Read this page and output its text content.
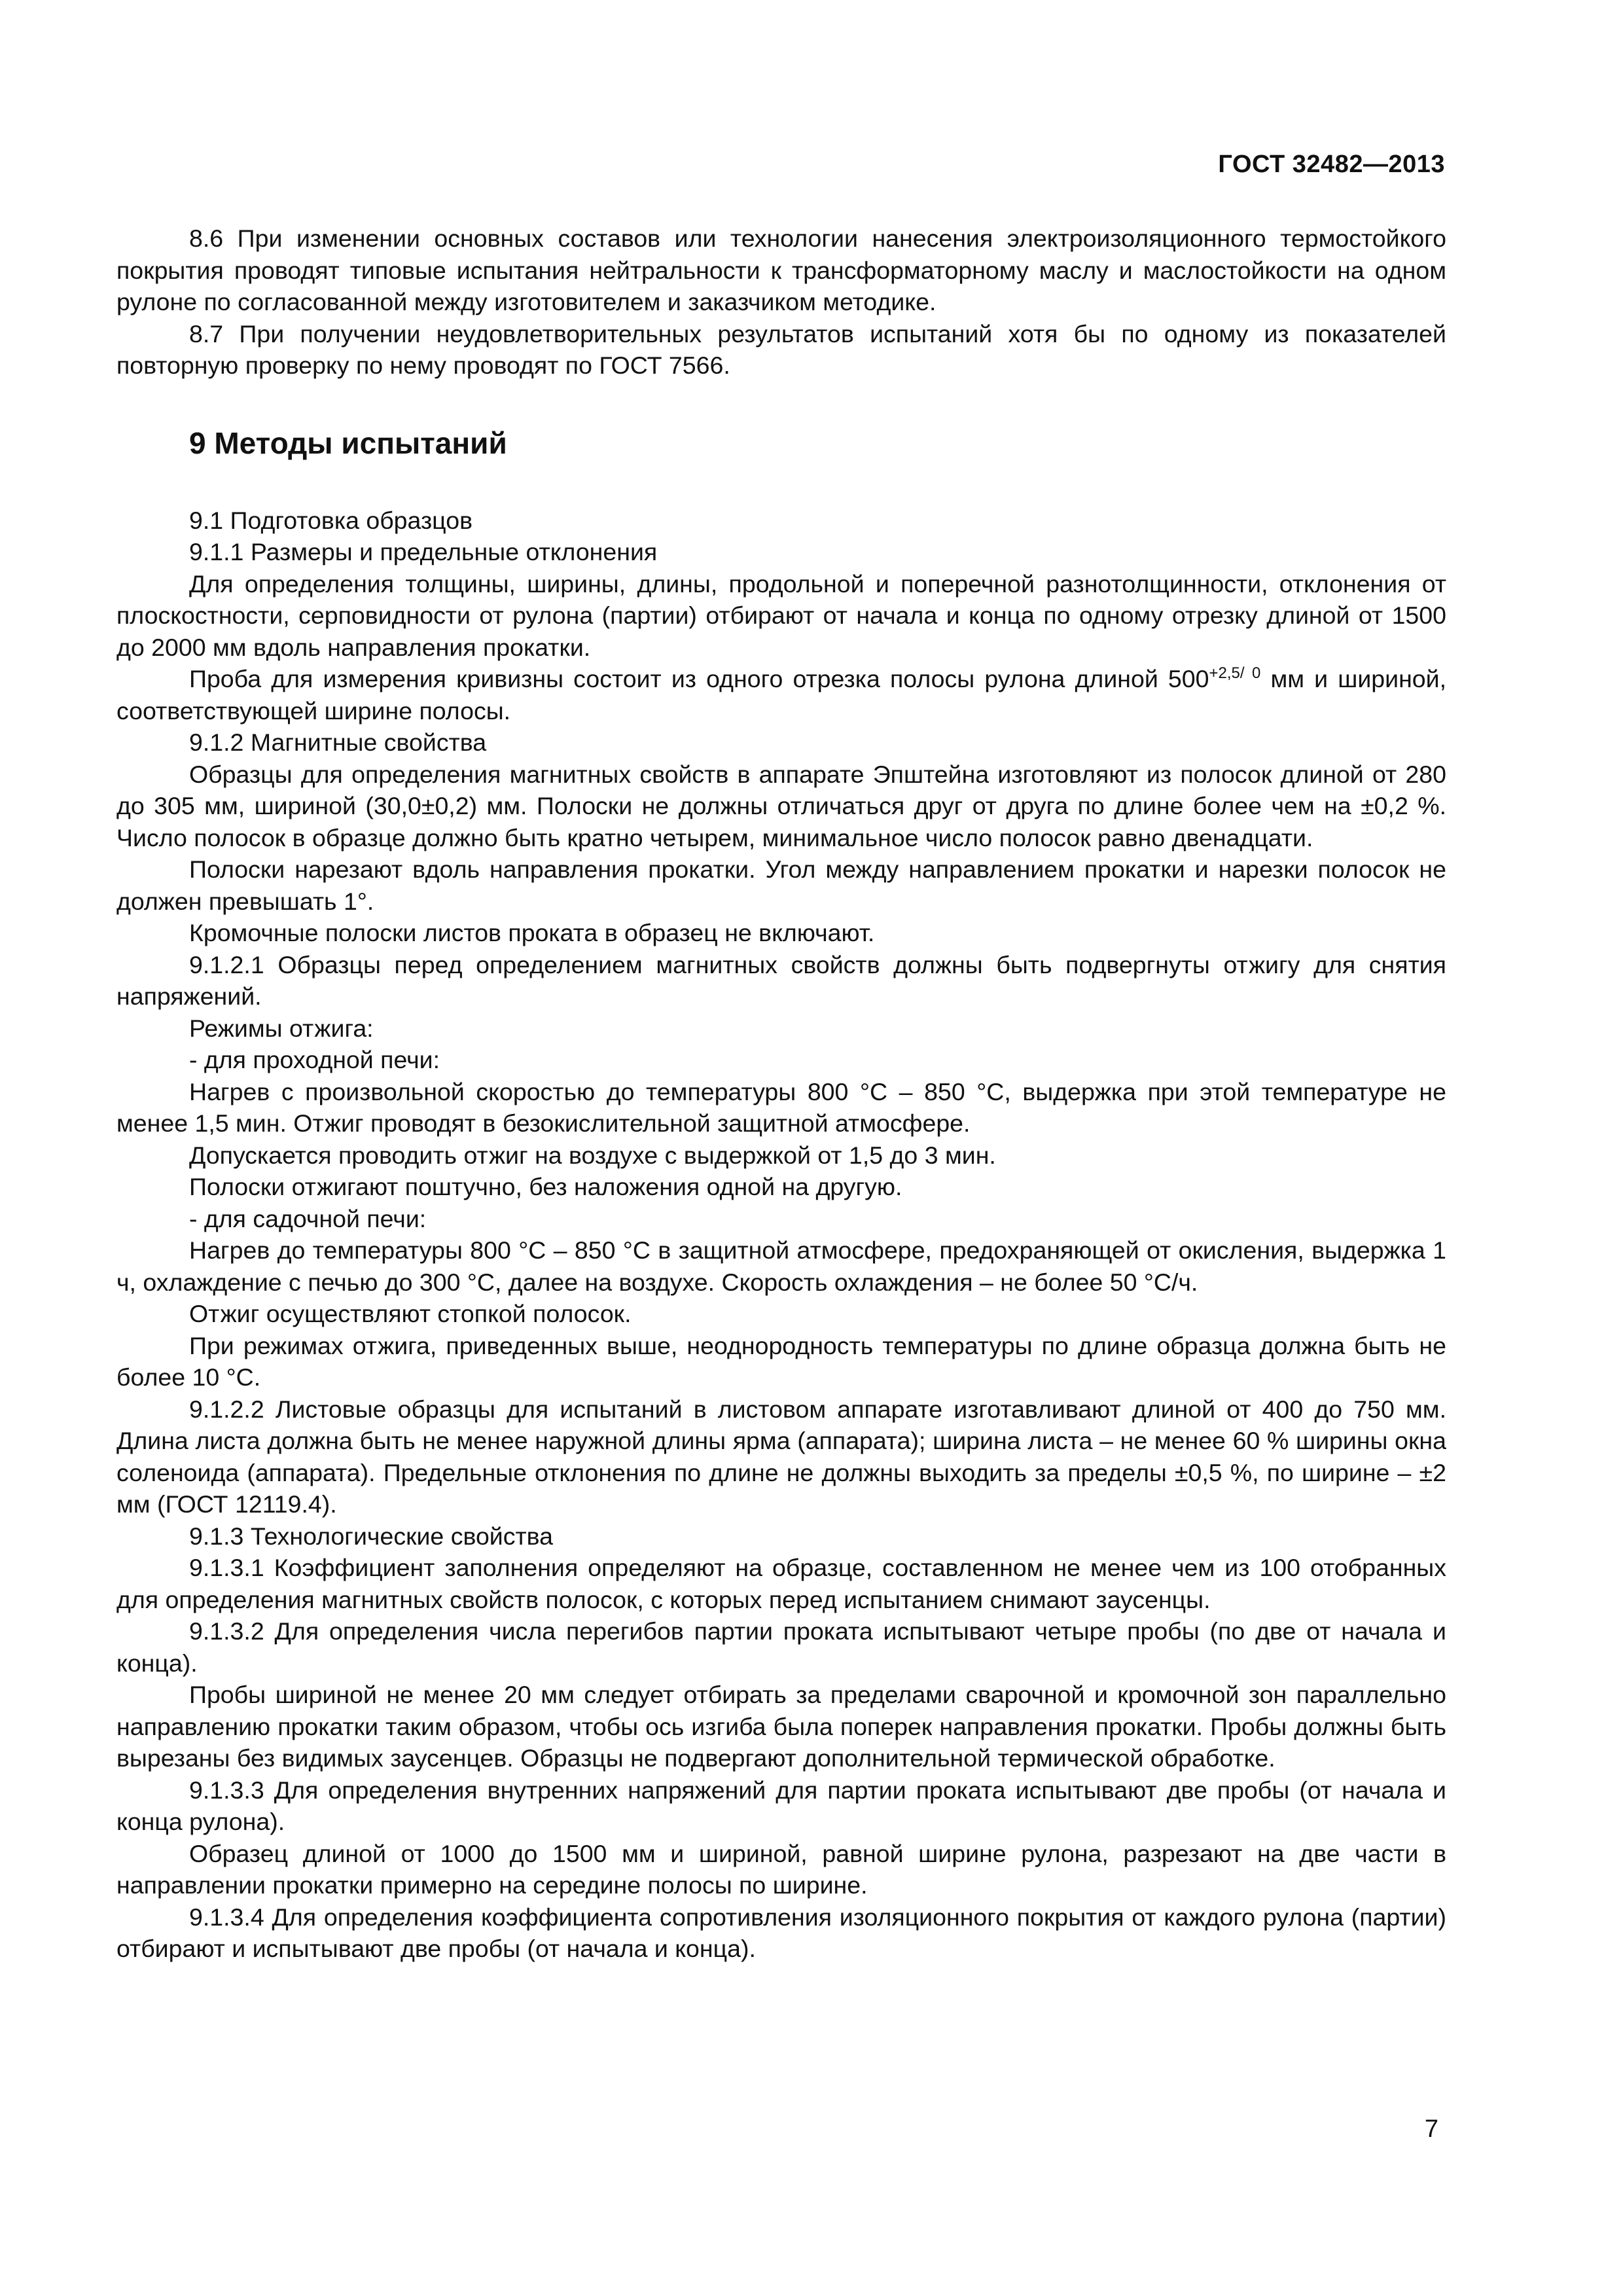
ГОСТ 32482—2013

8.6 При изменении основных составов или технологии нанесения электроизоляционного термостойкого покрытия проводят типовые испытания нейтральности к трансформаторному маслу и маслостойкости на одном рулоне по согласованной между изготовителем и заказчиком методике.

8.7 При получении неудовлетворительных результатов испытаний хотя бы по одному из показателей повторную проверку по нему проводят по ГОСТ 7566.

9 Методы испытаний

9.1 Подготовка образцов

9.1.1 Размеры и предельные отклонения

Для определения толщины, ширины, длины, продольной и поперечной разнотолщинности, отклонения от плоскостности, серповидности от рулона (партии) отбирают от начала и конца по одному отрезку длиной от 1500 до 2000 мм вдоль направления прокатки.

Проба для измерения кривизны состоит из одного отрезка полосы рулона длиной $500^{+2,5/ 0}$ мм и шириной, соответствующей ширине полосы.

9.1.2 Магнитные свойства

Образцы для определения магнитных свойств в аппарате Эпштейна изготовляют из полосок длиной от 280 до 305 мм, шириной (30,0±0,2) мм. Полоски не должны отличаться друг от друга по длине более чем на ±0,2 %. Число полосок в образце должно быть кратно четырем, минимальное число полосок равно двенадцати.

Полоски нарезают вдоль направления прокатки. Угол между направлением прокатки и нарезки полосок не должен превышать 1°.

Кромочные полоски листов проката в образец не включают.

9.1.2.1 Образцы перед определением магнитных свойств должны быть подвергнуты отжигу для снятия напряжений.

Режимы отжига:

- для проходной печи:

Нагрев с произвольной скоростью до температуры 800 °С – 850 °С, выдержка при этой температуре не менее 1,5 мин. Отжиг проводят в безокислительной защитной атмосфере.

Допускается проводить отжиг на воздухе с выдержкой от 1,5 до 3 мин.

Полоски отжигают поштучно, без наложения одной на другую.

- для садочной печи:

Нагрев до температуры 800 °С – 850 °С в защитной атмосфере, предохраняющей от окисления, выдержка 1 ч, охлаждение с печью до 300 °С, далее на воздухе. Скорость охлаждения – не более 50 °С/ч.

Отжиг осуществляют стопкой полосок.

При режимах отжига, приведенных выше, неоднородность температуры по длине образца должна быть не более 10 °С.

9.1.2.2 Листовые образцы для испытаний в листовом аппарате изготавливают длиной от 400 до 750 мм. Длина листа должна быть не менее наружной длины ярма (аппарата); ширина листа – не менее 60 % ширины окна соленоида (аппарата). Предельные отклонения по длине не должны выходить за пределы ±0,5 %, по ширине – ±2 мм (ГОСТ 12119.4).

9.1.3 Технологические свойства

9.1.3.1 Коэффициент заполнения определяют на образце, составленном не менее чем из 100 отобранных для определения магнитных свойств полосок, с которых перед испытанием снимают заусенцы.

9.1.3.2 Для определения числа перегибов партии проката испытывают четыре пробы (по две от начала и конца).

Пробы шириной не менее 20 мм следует отбирать за пределами сварочной и кромочной зон параллельно направлению прокатки таким образом, чтобы ось изгиба была поперек направления прокатки. Пробы должны быть вырезаны без видимых заусенцев. Образцы не подвергают дополнительной термической обработке.

9.1.3.3 Для определения внутренних напряжений для партии проката испытывают две пробы (от начала и конца рулона).

Образец длиной от 1000 до 1500 мм и шириной, равной ширине рулона, разрезают на две части в направлении прокатки примерно на середине полосы по ширине.

9.1.3.4 Для определения коэффициента сопротивления изоляционного покрытия от каждого рулона (партии) отбирают и испытывают две пробы (от начала и конца).

7
